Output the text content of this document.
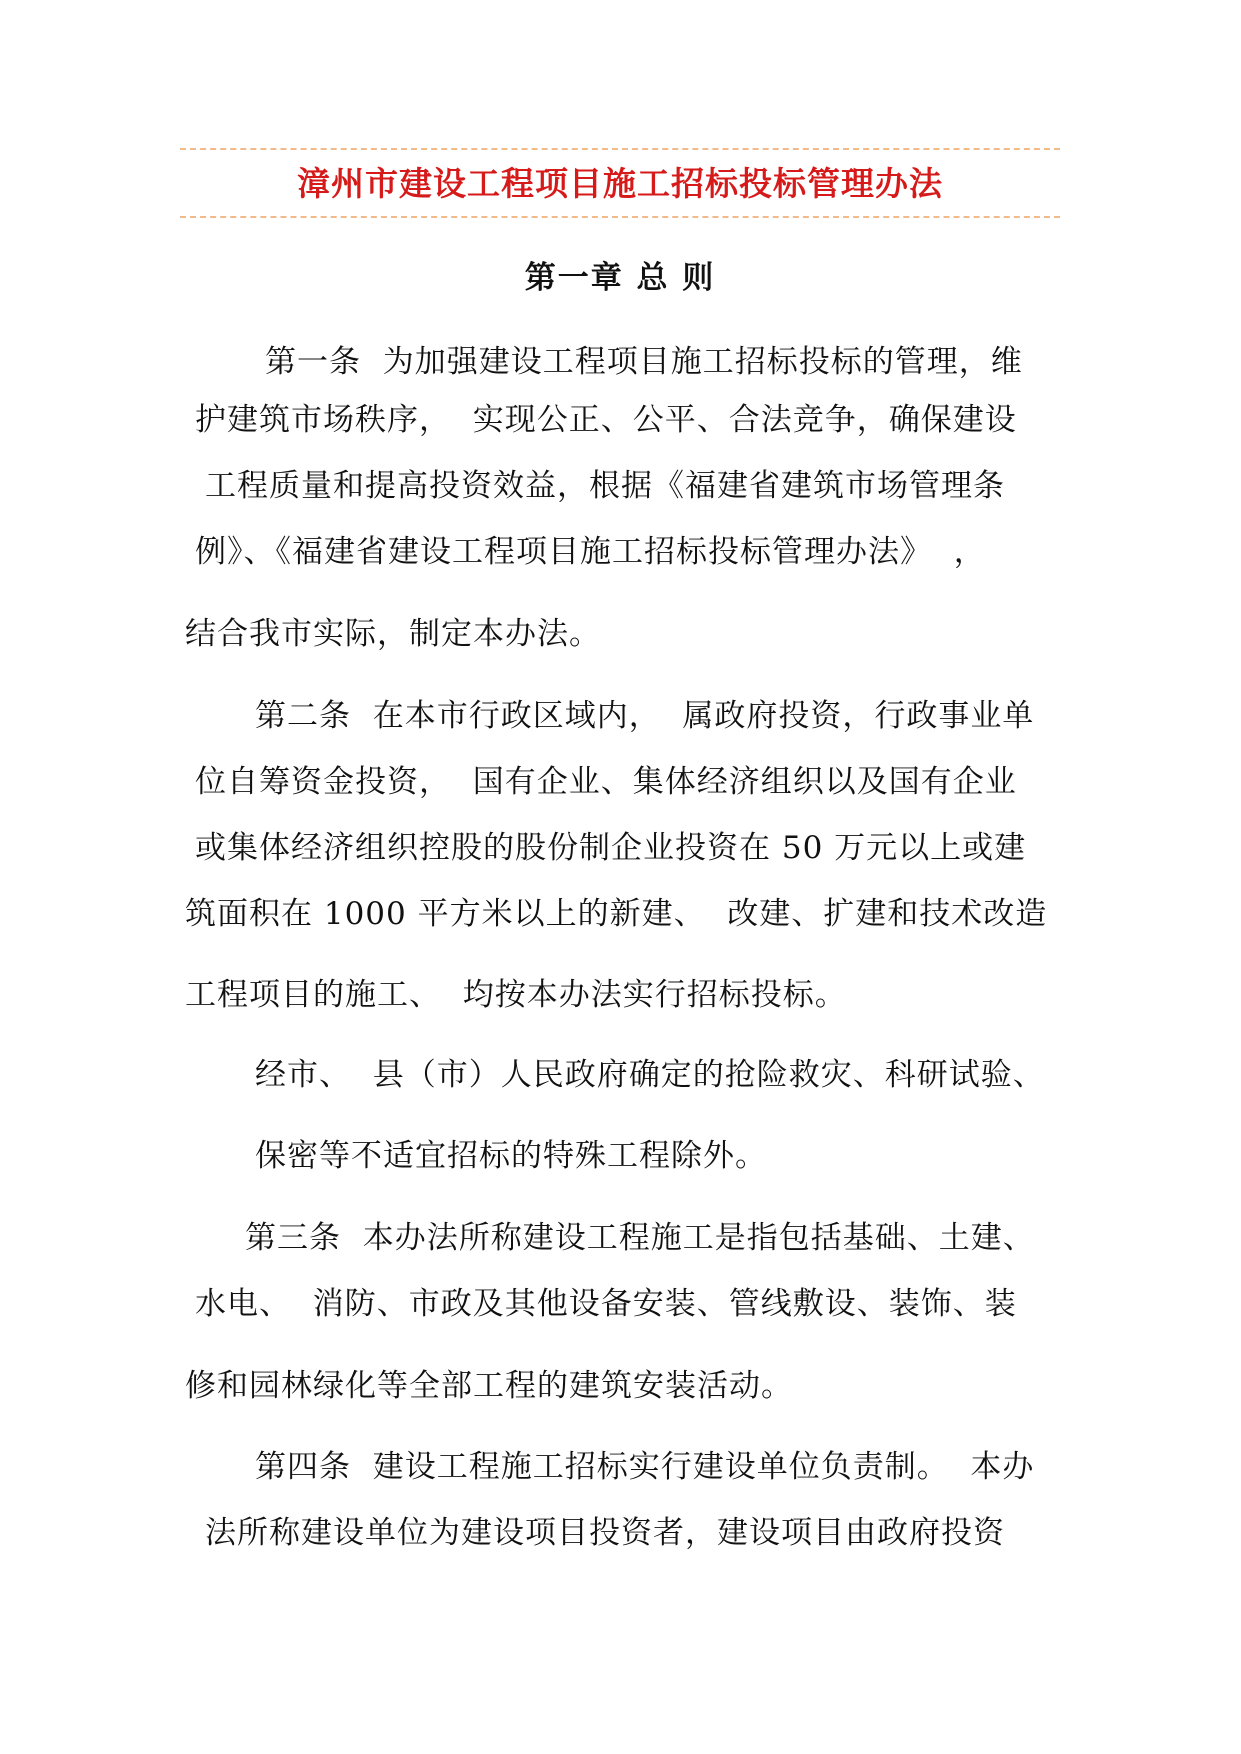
漳州市建设工程项目施工招标投标管理办法
第一章 总 则
第一条  为加强建设工程项目施工招标投标的管理，维
护建筑市场秩序，  实现公正、公平、合法竞争，确保建设
工程质量和提高投资效益，根据《福建省建筑市场管理条
例》、《福建省建设工程项目施工招标投标管理办法》  ，
结合我市实际，制定本办法。
第二条  在本市行政区域内，  属政府投资，行政事业单
位自筹资金投资，  国有企业、集体经济组织以及国有企业
或集体经济组织控股的股份制企业投资在 50 万元以上或建
筑面积在 1000 平方米以上的新建、  改建、扩建和技术改造
工程项目的施工、  均按本办法实行招标投标。
经市、  县（市）人民政府确定的抢险救灾、科研试验、
保密等不适宜招标的特殊工程除外。
第三条  本办法所称建设工程施工是指包括基础、土建、
水电、  消防、市政及其他设备安装、管线敷设、装饰、装
修和园林绿化等全部工程的建筑安装活动。
第四条  建设工程施工招标实行建设单位负责制。  本办
法所称建设单位为建设项目投资者，建设项目由政府投资
